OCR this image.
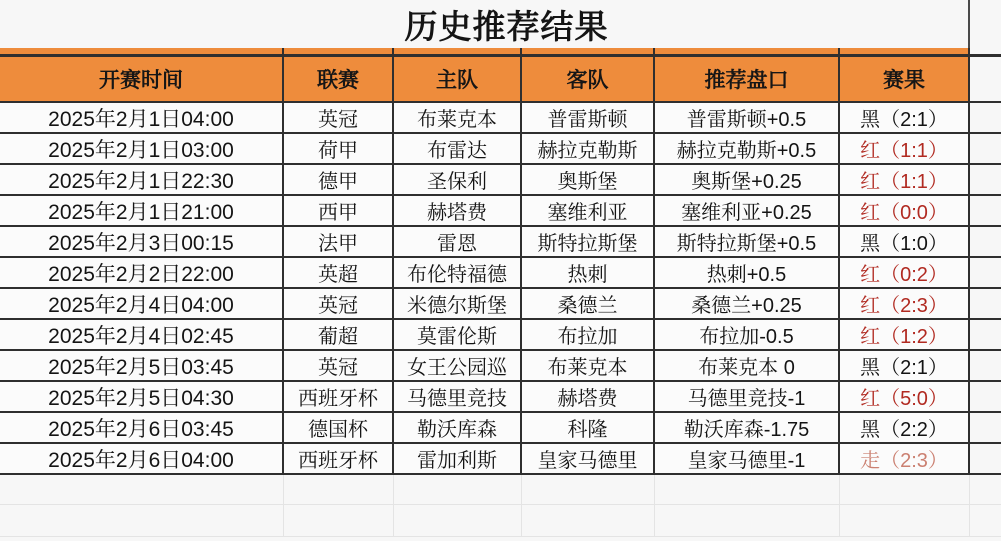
历史推荐结果
开赛时间	联赛	主队	客队	推荐盘口	赛果
2025年2月1日04:00	英冠	布莱克本	普雷斯顿	普雷斯顿+0.5	黑（2:1）
2025年2月1日03:00	荷甲	布雷达	赫拉克勒斯	赫拉克勒斯+0.5	红（1:1）
2025年2月1日22:30	德甲	圣保利	奥斯堡	奥斯堡+0.25	红（1:1）
2025年2月1日21:00	西甲	赫塔费	塞维利亚	塞维利亚+0.25	红（0:0）
2025年2月3日00:15	法甲	雷恩	斯特拉斯堡	斯特拉斯堡+0.5	黑（1:0）
2025年2月2日22:00	英超	布伦特福德	热刺	热刺+0.5	红（0:2）
2025年2月4日04:00	英冠	米德尔斯堡	桑德兰	桑德兰+0.25	红（2:3）
2025年2月4日02:45	葡超	莫雷伦斯	布拉加	布拉加-0.5	红（1:2）
2025年2月5日03:45	英冠	女王公园巡	布莱克本	布莱克本 0	黑（2:1）
2025年2月5日04:30	西班牙杯	马德里竞技	赫塔费	马德里竞技-1	红（5:0）
2025年2月6日03:45	德国杯	勒沃库森	科隆	勒沃库森-1.75	黑（2:2）
2025年2月6日04:00	西班牙杯	雷加利斯	皇家马德里	皇家马德里-1	走（2:3）
